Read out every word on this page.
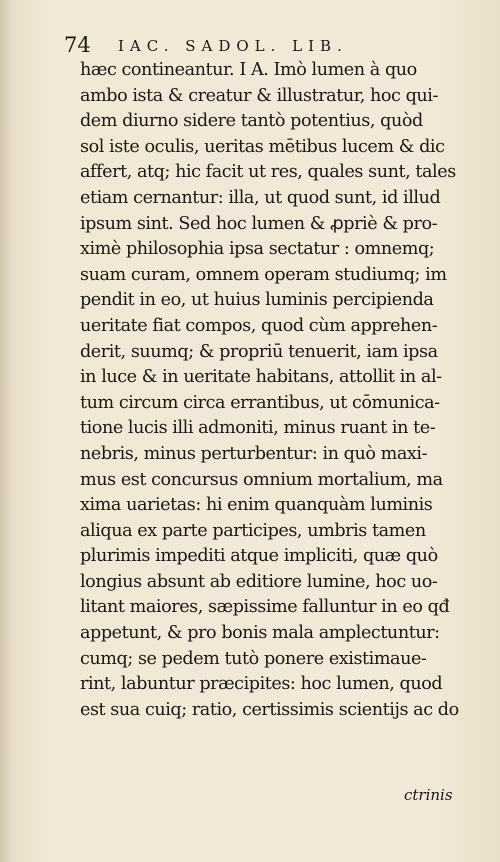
74 IAC. SADOL. LIB.
hæc contineantur. I A. Imò lumen à quo
ambo ista & creatur & illustratur, hoc qui-
dem diurno sidere tantò potentius, quòd
sol iste oculis, ueritas mētibus lucem & dic
affert, atq; hic facit ut res, quales sunt, tales
etiam cernantur: illa, ut quod sunt, id illud
ipsum sint. Sed hoc lumen & ꝓpriè & pro-
ximè philosophia ipsa sectatur : omnemq;
suam curam, omnem operam studiumq; im
pendit in eo, ut huius luminis percipienda
ueritate fiat compos, quod cùm apprehen-
derit, suumq; & propriū tenuerit, iam ipsa
in luce & in ueritate habitans, attollit in al-
tum circum circa errantibus, ut cōmunica-
tione lucis illi admoniti, minus ruant in te-
nebris, minus perturbentur: in quò maxi-
mus est concursus omnium mortalium, ma
xima uarietas: hi enim quanquàm luminis
aliqua ex parte participes, umbris tamen
plurimis impediti atque impliciti, quæ quò
longius absunt ab editiore lumine, hoc uo-
litant maiores, sæpissime falluntur in eo qđ
appetunt, & pro bonis mala amplectuntur:
cumq; se pedem tutò ponere existimaue-
rint, labuntur præcipites: hoc lumen, quod
est sua cuiq; ratio, certissimis scientijs ac do
ctrinis
